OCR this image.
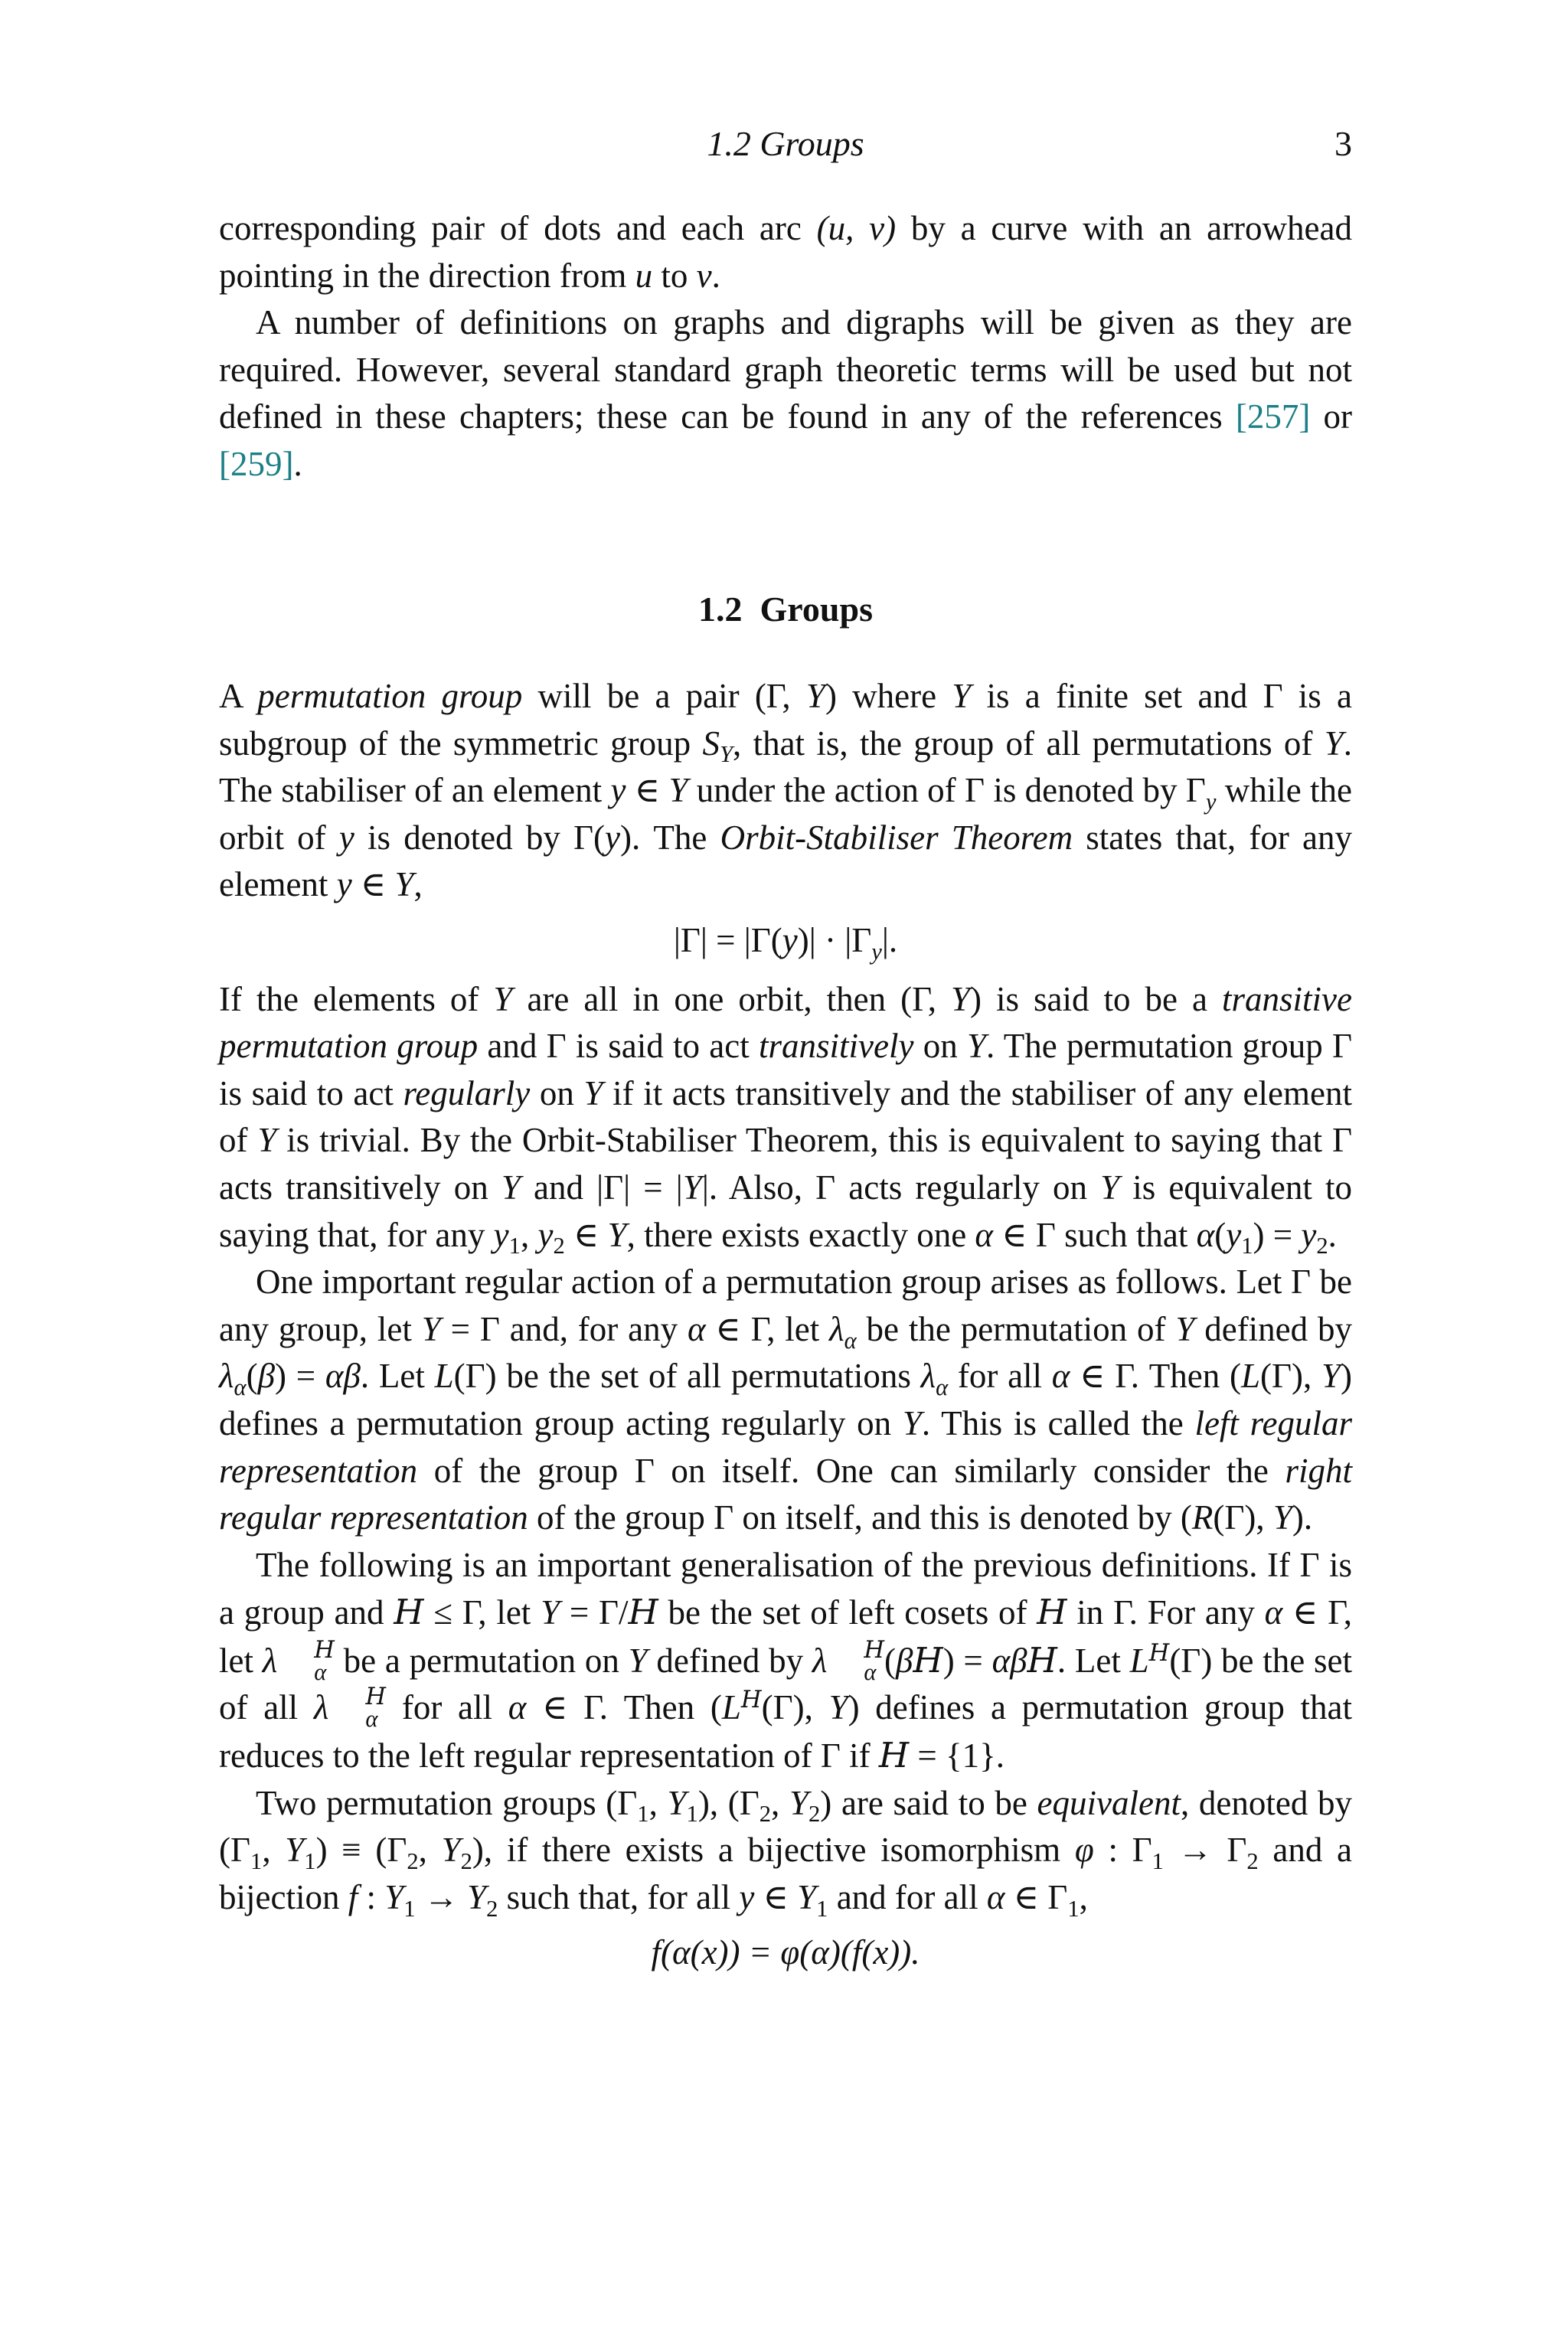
1.2 Groups	3

corresponding pair of dots and each arc (u, v) by a curve with an arrowhead pointing in the direction from u to v.

A number of definitions on graphs and digraphs will be given as they are required. However, several standard graph theoretic terms will be used but not defined in these chapters; these can be found in any of the references [257] or [259].

1.2  Groups

A permutation group will be a pair (Γ, Y) where Y is a finite set and Γ is a subgroup of the symmetric group $S_Y$, that is, the group of all permutations of Y. The stabiliser of an element y ∈ Y under the action of Γ is denoted by $\Gamma_y$ while the orbit of y is denoted by Γ(y). The Orbit-Stabiliser Theorem states that, for any element y ∈ Y,

$|\Gamma| = |\Gamma(y)| \cdot |\Gamma_y|$.

If the elements of Y are all in one orbit, then (Γ, Y) is said to be a transitive permutation group and Γ is said to act transitively on Y. The permutation group Γ is said to act regularly on Y if it acts transitively and the stabiliser of any element of Y is trivial. By the Orbit-Stabiliser Theorem, this is equivalent to saying that Γ acts transitively on Y and |Γ| = |Y|. Also, Γ acts regularly on Y is equivalent to saying that, for any $y_1$, $y_2$ ∈ Y, there exists exactly one α ∈ Γ such that $\alpha(y_1) = y_2$.

One important regular action of a permutation group arises as follows. Let Γ be any group, let Y = Γ and, for any α ∈ Γ, let $\lambda_\alpha$ be the permutation of Y defined by $\lambda_\alpha(\beta) = \alpha\beta$. Let L(Γ) be the set of all permutations $\lambda_\alpha$ for all α ∈ Γ. Then (L(Γ), Y) defines a permutation group acting regularly on Y. This is called the left regular representation of the group Γ on itself. One can similarly consider the right regular representation of the group Γ on itself, and this is denoted by (R(Γ), Y).

The following is an important generalisation of the previous definitions. If Γ is a group and H ≤ Γ, let Y = Γ/H be the set of left cosets of H in Γ. For any α ∈ Γ, let λ	H
α be a permutation on Y defined by λ	H
α (βH) = αβH. Let $L^H(\Gamma)$ be the set of all λ	H
α for all α ∈ Γ. Then ($L^H(\Gamma)$, Y) defines a permutation group that reduces to the left regular representation of Γ if H = {1}.

Two permutation groups ($\Gamma_1$, $Y_1$), ($\Gamma_2$, $Y_2$) are said to be equivalent, denoted by ($\Gamma_1$, $Y_1) \equiv (\Gamma_2$, $Y_2$), if there exists a bijective isomorphism φ : $\Gamma_1 \to \Gamma_2$ and a bijection f : $Y_1 \to Y_2$ such that, for all y ∈ $Y_1$ and for all α ∈ $\Gamma_1$,

f(α(x)) = φ(α)(f(x)).
